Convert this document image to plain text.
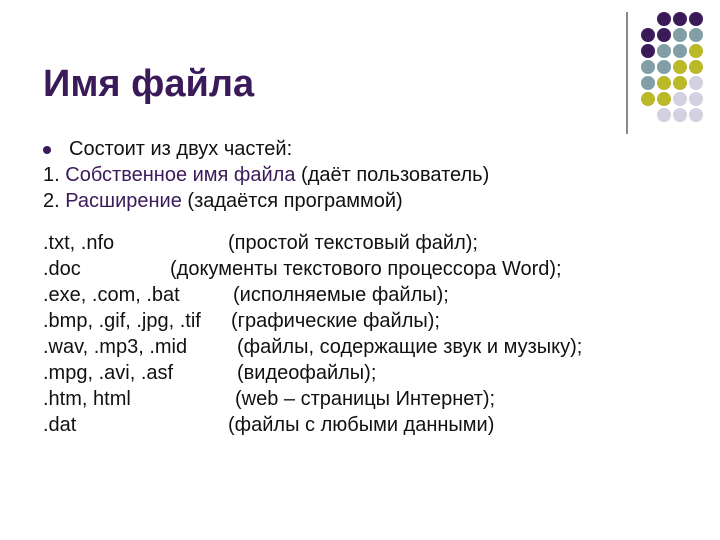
Имя файла
Состоит из двух частей:
1. Собственное имя файла (даёт пользователь)
2. Расширение (задаётся программой)
.txt, .nfo	(простой текстовый файл);
.doc	(документы текстового процессора Word);
.exe, .com, .bat	(исполняемые файлы);
.bmp, .gif, .jpg, .tif (графические файлы);
.wav, .mp3, .mid (файлы, содержащие звук и музыку);
.mpg, .avi, .asf	(видеофайлы);
.htm, html	(web – страницы Интернет);
.dat	(файлы с любыми данными)
